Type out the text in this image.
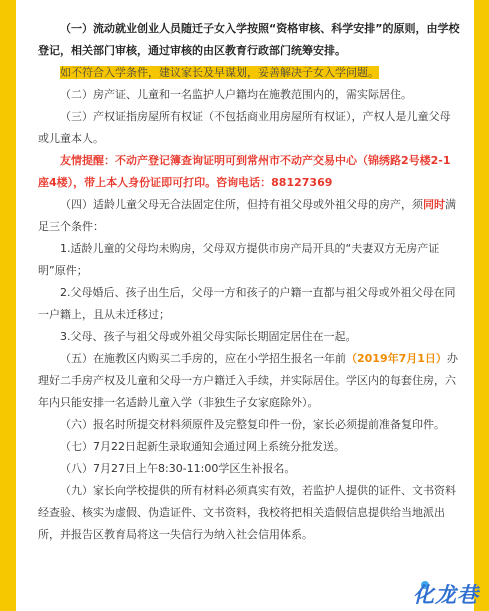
（一）流动就业创业人员随迁子女入学按照“资格审核、科学安排”的原则，由学校登记，相关部门审核，通过审核的由区教育行政部门统筹安排。

如不符合入学条件，建议家长及早谋划，妥善解决子女入学问题。

（二）房产证、儿童和一名监护人户籍均在施教范围内的，需实际居住。

（三）产权证指房屋所有权证（不包括商业用房屋所有权证），产权人是儿童父母或儿童本人。

友情提醒：不动产登记簿查询证明可到常州市不动产交易中心（锦绣路2号楼2-1座4楼），带上本人身份证即可打印。咨询电话：88127369

（四）适龄儿童父母无合法固定住所，但持有祖父母或外祖父母的房产，须同时满足三个条件：

1.适龄儿童的父母均未购房，父母双方提供市房产局开具的“夫妻双方无房产证明”原件；

2.父母婚后、孩子出生后，父母一方和孩子的户籍一直都与祖父母或外祖父母在同一户籍上，且从未迁移过；

3.父母、孩子与祖父母或外祖父母实际长期固定居住在一起。

（五）在施教区内购买二手房的，应在小学招生报名一年前（2019年7月1日）办理好二手房产权及儿童和父母一方户籍迁入手续，并实际居住。学区内的每套住房，六年内只能安排一名适龄儿童入学（非独生子女家庭除外）。

（六）报名时所提交材料须原件及完整复印件一份，家长必须提前准备复印件。

（七）7月22日起新生录取通知会通过网上系统分批发送。

（八）7月27日上午8:30-11:00学区生补报名。

（九）家长向学校提供的所有材料必须真实有效，若监护人提供的证件、文书资料经查验、核实为虚假、伪造证件、文书资料，我校将把相关造假信息提供给当地派出所，并报告区教育局将这一失信行为纳入社会信用体系。

化龙巷
